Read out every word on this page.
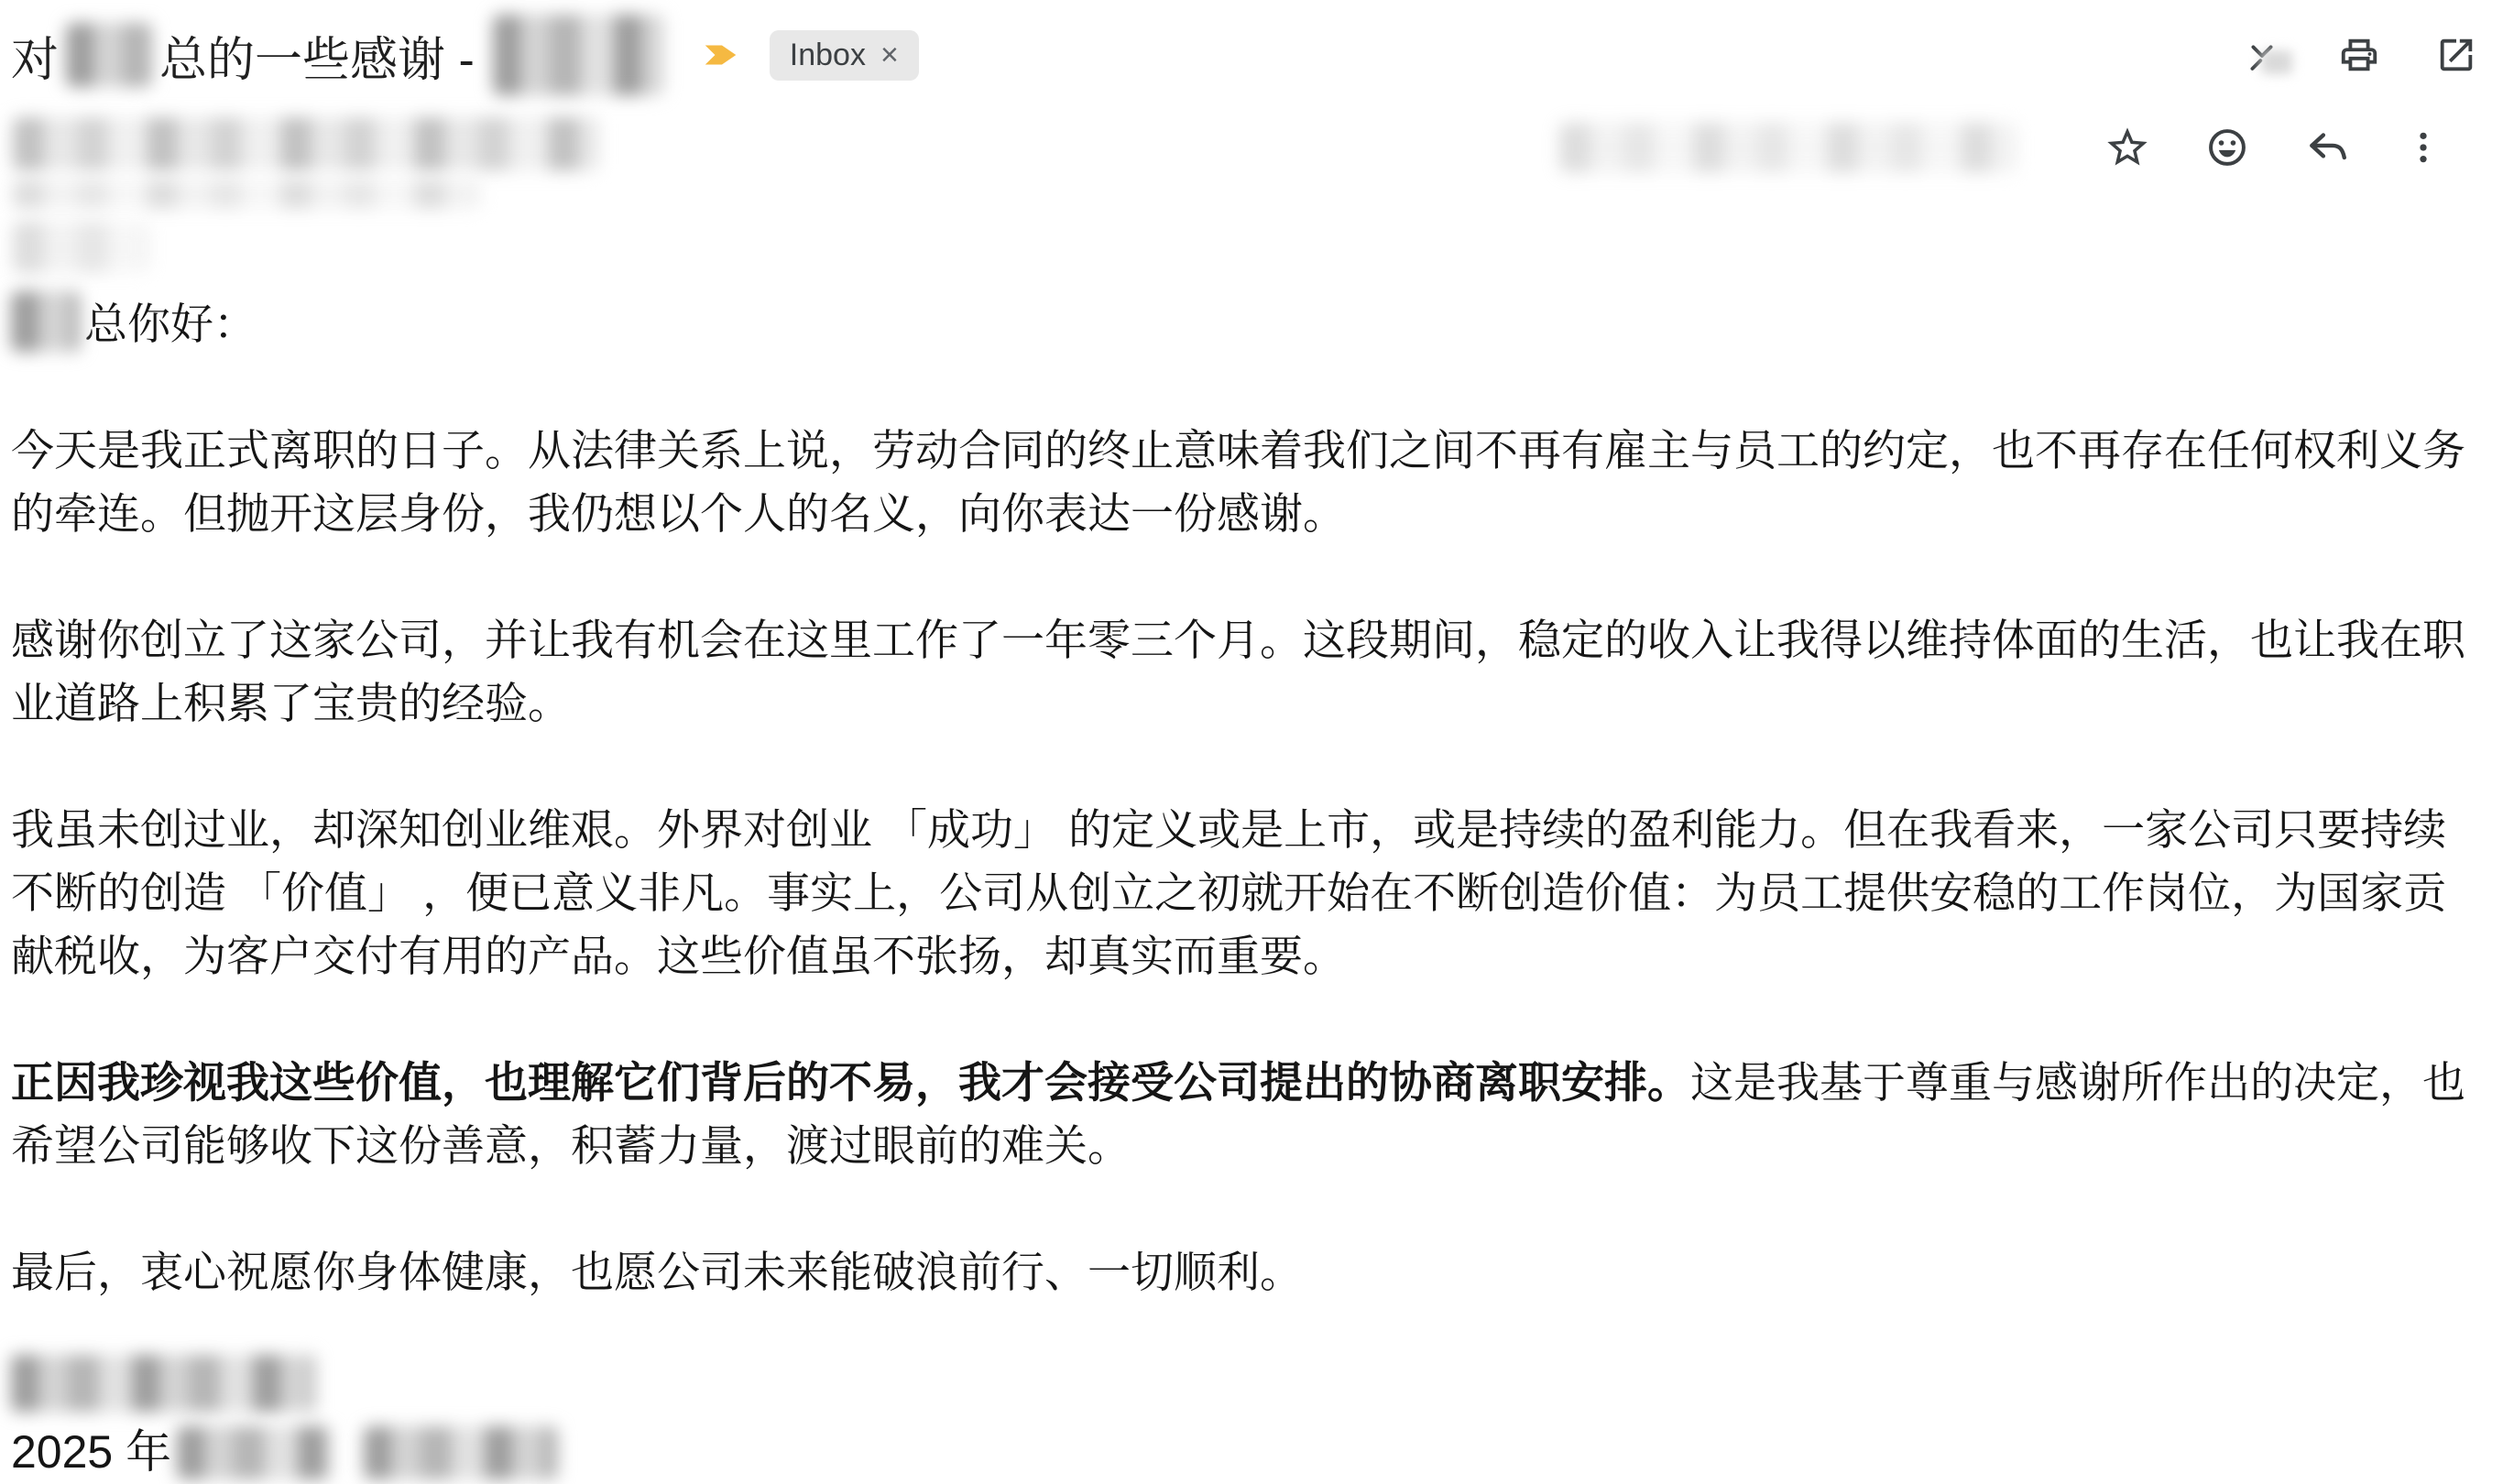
对 总的一些感谢 -	Inbox ×
总你好：

今天是我正式离职的日子。从法律关系上说，劳动合同的终止意味着我们之间不再有雇主与员工的约定，也不再存在任何权利义务的牵连。但抛开这层身份，我仍想以个人的名义，向你表达一份感谢。

感谢你创立了这家公司，并让我有机会在这里工作了一年零三个月。这段期间，稳定的收入让我得以维持体面的生活，也让我在职业道路上积累了宝贵的经验。

我虽未创过业，却深知创业维艰。外界对创业 「成功」 的定义或是上市，或是持续的盈利能力。但在我看来，一家公司只要持续不断的创造 「价值」 ，便已意义非凡。事实上，公司从创立之初就开始在不断创造价值：为员工提供安稳的工作岗位，为国家贡献税收，为客户交付有用的产品。这些价值虽不张扬，却真实而重要。

正因我珍视我这些价值，也理解它们背后的不易，我才会接受公司提出的协商离职安排。这是我基于尊重与感谢所作出的决定，也希望公司能够收下这份善意，积蓄力量，渡过眼前的难关。

最后，衷心祝愿你身体健康，也愿公司未来能破浪前行、一切顺利。

2025 年
